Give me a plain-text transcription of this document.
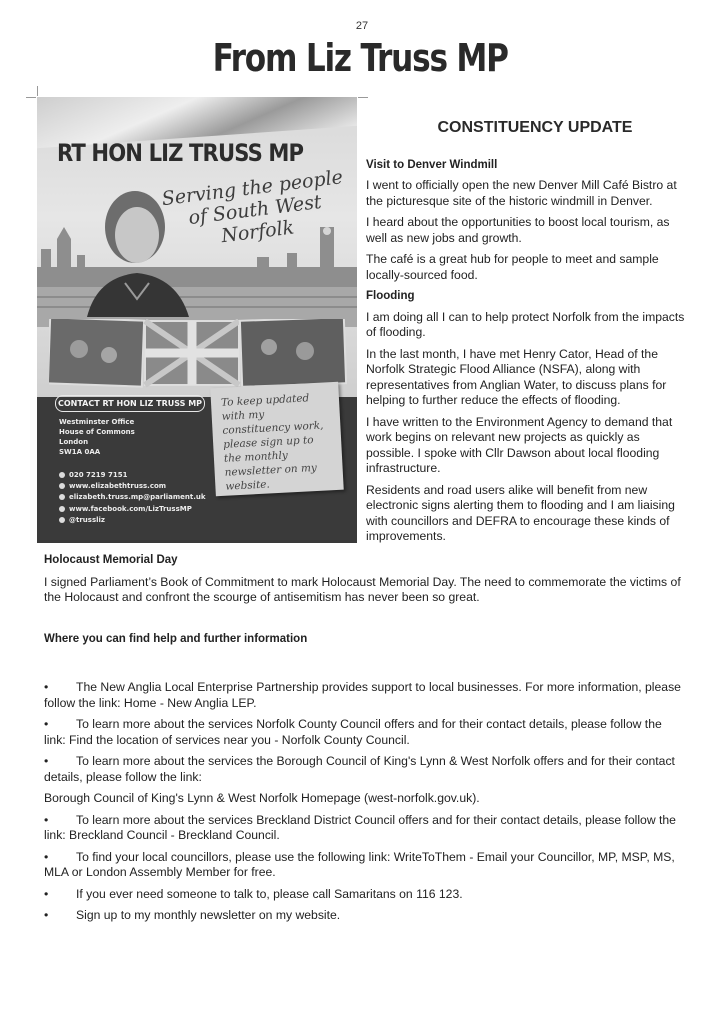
27
From Liz Truss MP
RT HON LIZ TRUSS MP
Serving the people of South West Norfolk
CONTACT RT HON LIZ TRUSS MP
Westminster Office
House of Commons
London
SW1A 0AA
020 7219 7151
www.elizabethtruss.com
elizabeth.truss.mp@parliament.uk
www.facebook.com/LizTrussMP
@trussliz
To keep updated with my constituency work, please sign up to the monthly newsletter on my website.
CONSTITUENCY UPDATE
Visit to Denver Windmill

I went to officially open the new Denver Mill Café Bistro at the picturesque site of the historic windmill in Denver.

I heard about the opportunities to boost local tourism, as well as new jobs and growth.

The café is a great hub for people to meet and sample locally-sourced food.

Flooding

I am doing all I can to help protect Norfolk from the impacts of flooding.

In the last month, I have met Henry Cator, Head of the Norfolk Strategic Flood Alliance (NSFA), along with representatives from Anglian Water, to discuss plans for helping to further reduce the effects of flooding.

I have written to the Environment Agency to demand that work begins on relevant new projects as quickly as possible. I spoke with Cllr Dawson about local flooding infrastructure.

Residents and road users alike will benefit from new electronic signs alerting them to flooding and I am liaising with councillors and DEFRA to encourage these kinds of improvements.

Holocaust Memorial Day

I signed Parliament’s Book of Commitment to mark Holocaust Memorial Day. The need to commemorate the victims of the Holocaust and confront the scourge of antisemitism has never been so great.

Where you can find help and further information

• The New Anglia Local Enterprise Partnership provides support to local businesses. For more information, please follow the link: Home - New Anglia LEP.

• To learn more about the services Norfolk County Council offers and for their contact details, please follow the link: Find the location of services near you - Norfolk County Council.

• To learn more about the services the Borough Council of King's Lynn & West Norfolk offers and for their contact details, please follow the link:

Borough Council of King's Lynn & West Norfolk Homepage (west-norfolk.gov.uk).

• To learn more about the services Breckland District Council offers and for their contact details, please follow the link: Breckland Council - Breckland Council.

• To find your local councillors, please use the following link: WriteToThem - Email your Councillor, MP, MSP, MS, MLA or London Assembly Member for free.

• If you ever need someone to talk to, please call Samaritans on 116 123.

• Sign up to my monthly newsletter on my website.
